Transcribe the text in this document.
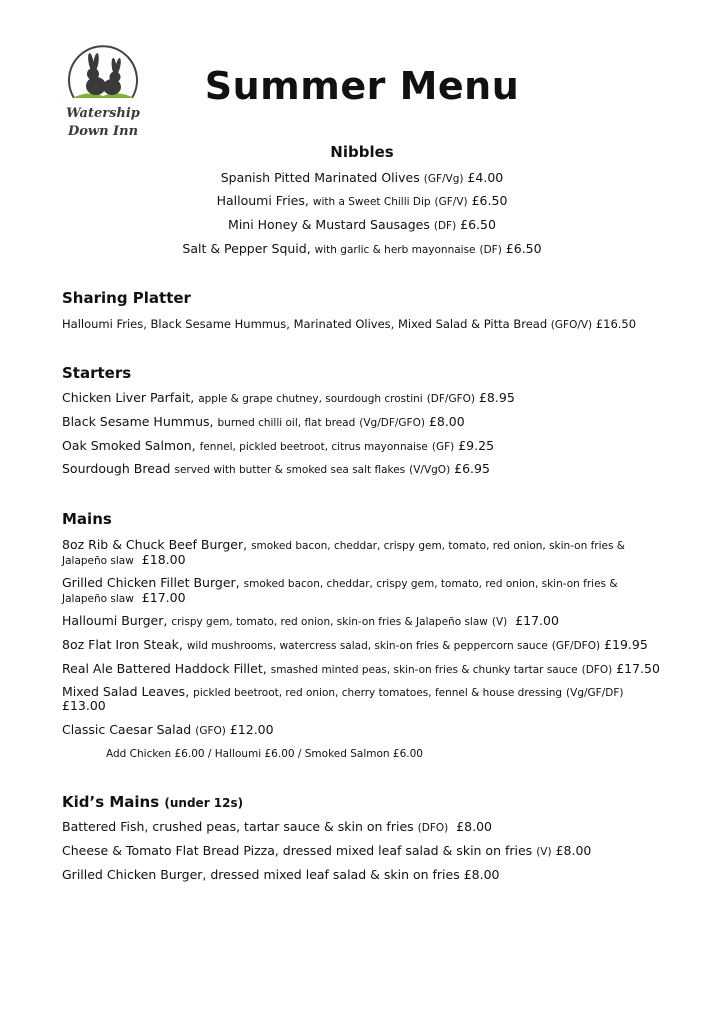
Watership
Down Inn
Summer Menu
Nibbles
Spanish Pitted Marinated Olives (GF/Vg) £4.00
Halloumi Fries, with a Sweet Chilli Dip (GF/V) £6.50
Mini Honey & Mustard Sausages (DF) £6.50
Salt & Pepper Squid, with garlic & herb mayonnaise (DF) £6.50
Sharing Platter
Halloumi Fries, Black Sesame Hummus, Marinated Olives, Mixed Salad & Pitta Bread (GFO/V) £16.50
Starters
Chicken Liver Parfait, apple & grape chutney, sourdough crostini (DF/GFO) £8.95
Black Sesame Hummus, burned chilli oil, flat bread (Vg/DF/GFO) £8.00
Oak Smoked Salmon, fennel, pickled beetroot, citrus mayonnaise (GF) £9.25
Sourdough Bread served with butter & smoked sea salt flakes (V/VgO) £6.95
Mains
8oz Rib & Chuck Beef Burger, smoked bacon, cheddar, crispy gem, tomato, red onion, skin-on fries &
Jalapeño slaw £18.00
Grilled Chicken Fillet Burger, smoked bacon, cheddar, crispy gem, tomato, red onion, skin-on fries &
Jalapeño slaw £17.00
Halloumi Burger, crispy gem, tomato, red onion, skin-on fries & Jalapeño slaw (V) £17.00
8oz Flat Iron Steak, wild mushrooms, watercress salad, skin-on fries & peppercorn sauce (GF/DFO) £19.95
Real Ale Battered Haddock Fillet, smashed minted peas, skin-on fries & chunky tartar sauce (DFO) £17.50
Mixed Salad Leaves, pickled beetroot, red onion, cherry tomatoes, fennel & house dressing (Vg/GF/DF)
£13.00
Classic Caesar Salad (GFO) £12.00
Add Chicken £6.00 / Halloumi £6.00 / Smoked Salmon £6.00
Kid’s Mains (under 12s)
Battered Fish, crushed peas, tartar sauce & skin on fries (DFO) £8.00
Cheese & Tomato Flat Bread Pizza, dressed mixed leaf salad & skin on fries (V) £8.00
Grilled Chicken Burger, dressed mixed leaf salad & skin on fries £8.00
